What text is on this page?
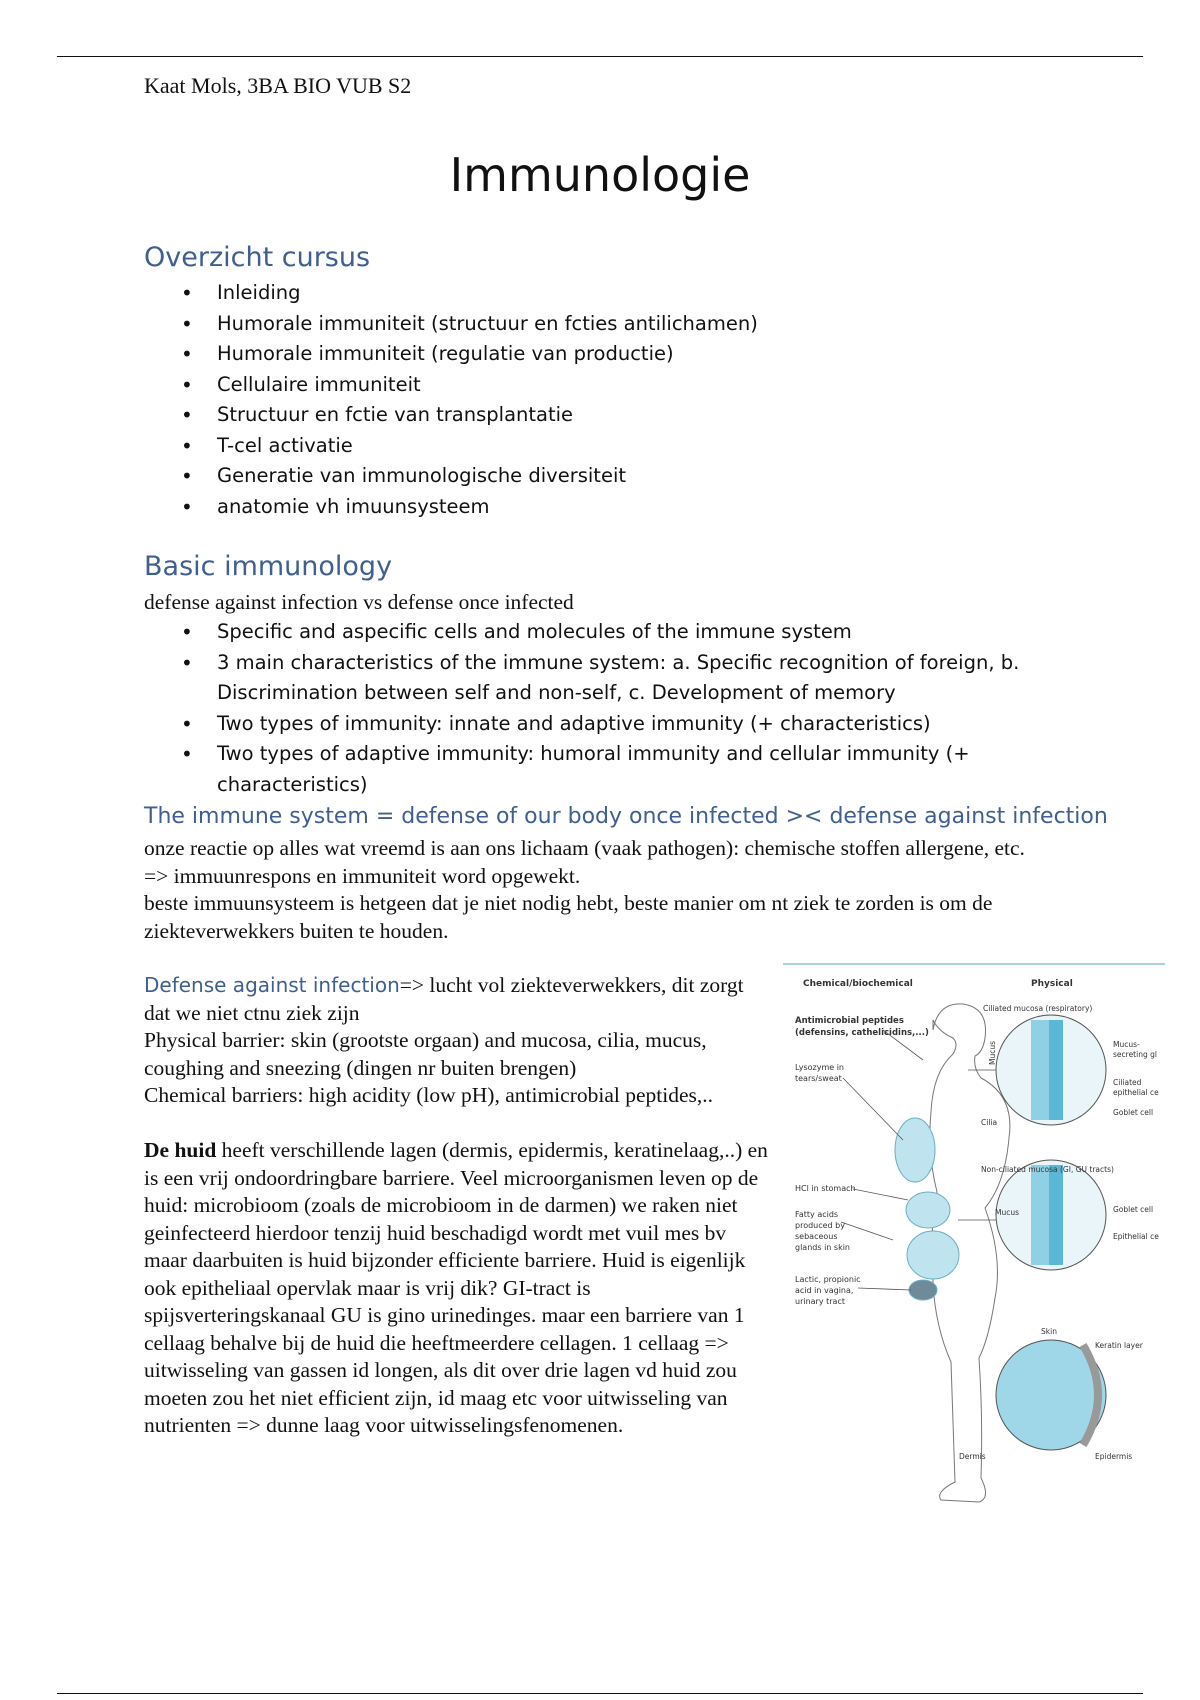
Kaat Mols, 3BA BIO VUB S2
Immunologie
Overzicht cursus
• Inleiding
• Humorale immuniteit (structuur en fcties antilichamen)
• Humorale immuniteit (regulatie van productie)
• Cellulaire immuniteit
• Structuur en fctie van transplantatie
• T-cel activatie
• Generatie van immunologische diversiteit
• anatomie vh imuunsysteem
Basic immunology
defense against infection vs defense once infected
• Specific and aspecific cells and molecules of the immune system
• 3 main characteristics of the immune system: a. Specific recognition of foreign, b. Discrimination between self and non-self, c. Development of memory
• Two types of immunity: innate and adaptive immunity (+ characteristics)
• Two types of adaptive immunity: humoral immunity and cellular immunity (+ characteristics)
The immune system = defense of our body once infected >< defense against infection

onze reactie op alles wat vreemd is aan ons lichaam (vaak pathogen): chemische stoffen allergene, etc. => immuunrespons en immuniteit word opgewekt.

beste immuunsysteem is hetgeen dat je niet nodig hebt, beste manier om nt ziek te zorden is om de ziekteverwekkers buiten te houden.

Defense against infection=> lucht vol ziekteverwekkers, dit zorgt dat we niet ctnu ziek zijn

Physical barrier: skin (grootste orgaan) and mucosa, cilia, mucus, coughing and sneezing (dingen nr buiten brengen)

Chemical barriers: high acidity (low pH), antimicrobial peptides,..

De huid heeft verschillende lagen (dermis, epidermis, keratinelaag,..) en is een vrij ondoordringbare barriere. Veel microorganismen leven op de huid: microbioom (zoals de microbioom in de darmen) we raken niet geinfecteerd hierdoor tenzij huid beschadigd wordt met vuil mes bv maar daarbuiten is huid bijzonder efficiente barriere. Huid is eigenlijk ook epitheliaal opervlak maar is vrij dik? GI-tract is spijsverteringskanaal GU is gino urinedinges. maar een barriere van 1 cellaag behalve bij de huid die heeftmeerdere cellagen. 1 cellaag => uitwisseling van gassen id longen, als dit over drie lagen vd huid zou moeten zou het niet efficient zijn, id maag etc voor uitwisseling van nutrienten => dunne laag voor uitwisselingsfenomenen.

Chemical/biochemical	Physical
Antimicrobial peptides
(defensins, cathelicidins,...)
Lysozyme in
tears/sweat
HCl in stomach
Fatty acids
produced by
sebaceous
glands in skin
Lactic, propionic
acid in vagina,
urinary tract
Ciliated mucosa (respiratory)
Mucus-
secreting gl
Ciliated
epithelial ce
Goblet cell
Cilia
Mucus
Non-ciliated mucosa (GI, GU tracts)
Goblet cell
Epithelial ce
Mucus
Skin
Keratin layer
Dermis	Epidermis
